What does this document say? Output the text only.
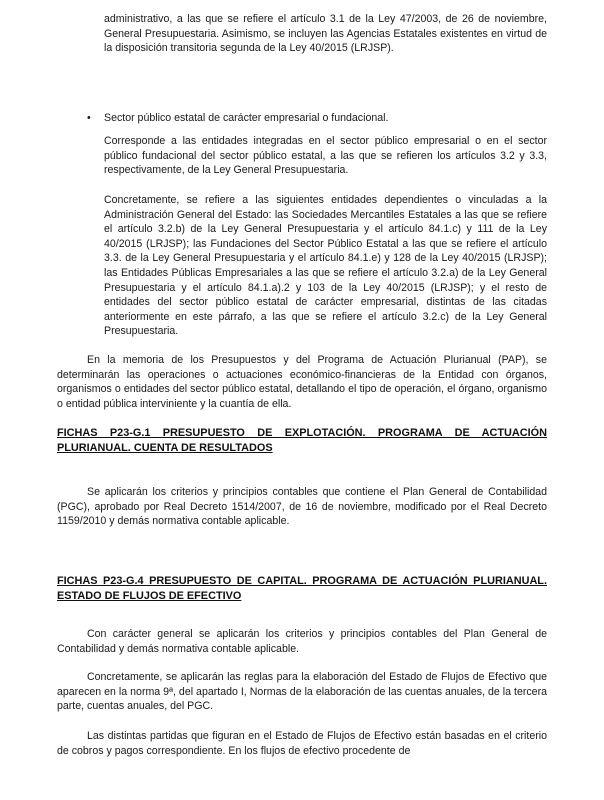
administrativo, a las que se refiere el artículo 3.1 de la Ley 47/2003, de 26 de noviembre, General Presupuestaria. Asimismo, se incluyen las Agencias Estatales existentes en virtud de la disposición transitoria segunda de la Ley 40/2015 (LRJSP).

•	Sector público estatal de carácter empresarial o fundacional.

Corresponde a las entidades integradas en el sector público empresarial o en el sector público fundacional del sector público estatal, a las que se refieren los artículos 3.2 y 3.3, respectivamente, de la Ley General Presupuestaria.

Concretamente, se refiere a las siguientes entidades dependientes o vinculadas a la Administración General del Estado: las Sociedades Mercantiles Estatales a las que se refiere el artículo 3.2.b) de la Ley General Presupuestaria y el artículo 84.1.c) y 111 de la Ley 40/2015 (LRJSP); las Fundaciones del Sector Público Estatal a las que se refiere el artículo 3.3. de la Ley General Presupuestaria y el artículo 84.1.e) y 128 de la Ley 40/2015 (LRJSP); las Entidades Públicas Empresariales a las que se refiere el artículo 3.2.a) de la Ley General Presupuestaria y el artículo 84.1.a).2 y 103 de la Ley 40/2015 (LRJSP); y el resto de entidades del sector público estatal de carácter empresarial, distintas de las citadas anteriormente en este párrafo, a las que se refiere el artículo 3.2.c) de la Ley General Presupuestaria.

En la memoria de los Presupuestos y del Programa de Actuación Plurianual (PAP), se determinarán las operaciones o actuaciones económico-financieras de la Entidad con órganos, organismos o entidades del sector público estatal, detallando el tipo de operación, el órgano, organismo o entidad pública interviniente y la cuantía de ella.

FICHAS P23-G.1 PRESUPUESTO DE EXPLOTACIÓN. PROGRAMA DE ACTUACIÓN PLURIANUAL. CUENTA DE RESULTADOS

Se aplicarán los criterios y principios contables que contiene el Plan General de Contabilidad (PGC), aprobado por Real Decreto 1514/2007, de 16 de noviembre, modificado por el Real Decreto 1159/2010 y demás normativa contable aplicable.

FICHAS P23-G.4 PRESUPUESTO DE CAPITAL. PROGRAMA DE ACTUACIÓN PLURIANUAL. ESTADO DE FLUJOS DE EFECTIVO

Con carácter general se aplicarán los criterios y principios contables del Plan General de Contabilidad y demás normativa contable aplicable.

Concretamente, se aplicarán las reglas para la elaboración del Estado de Flujos de Efectivo que aparecen en la norma 9ª, del apartado I, Normas de la elaboración de las cuentas anuales, de la tercera parte, cuentas anuales, del PGC.

Las distintas partidas que figuran en el Estado de Flujos de Efectivo están basadas en el criterio de cobros y pagos correspondiente. En los flujos de efectivo procedente de
